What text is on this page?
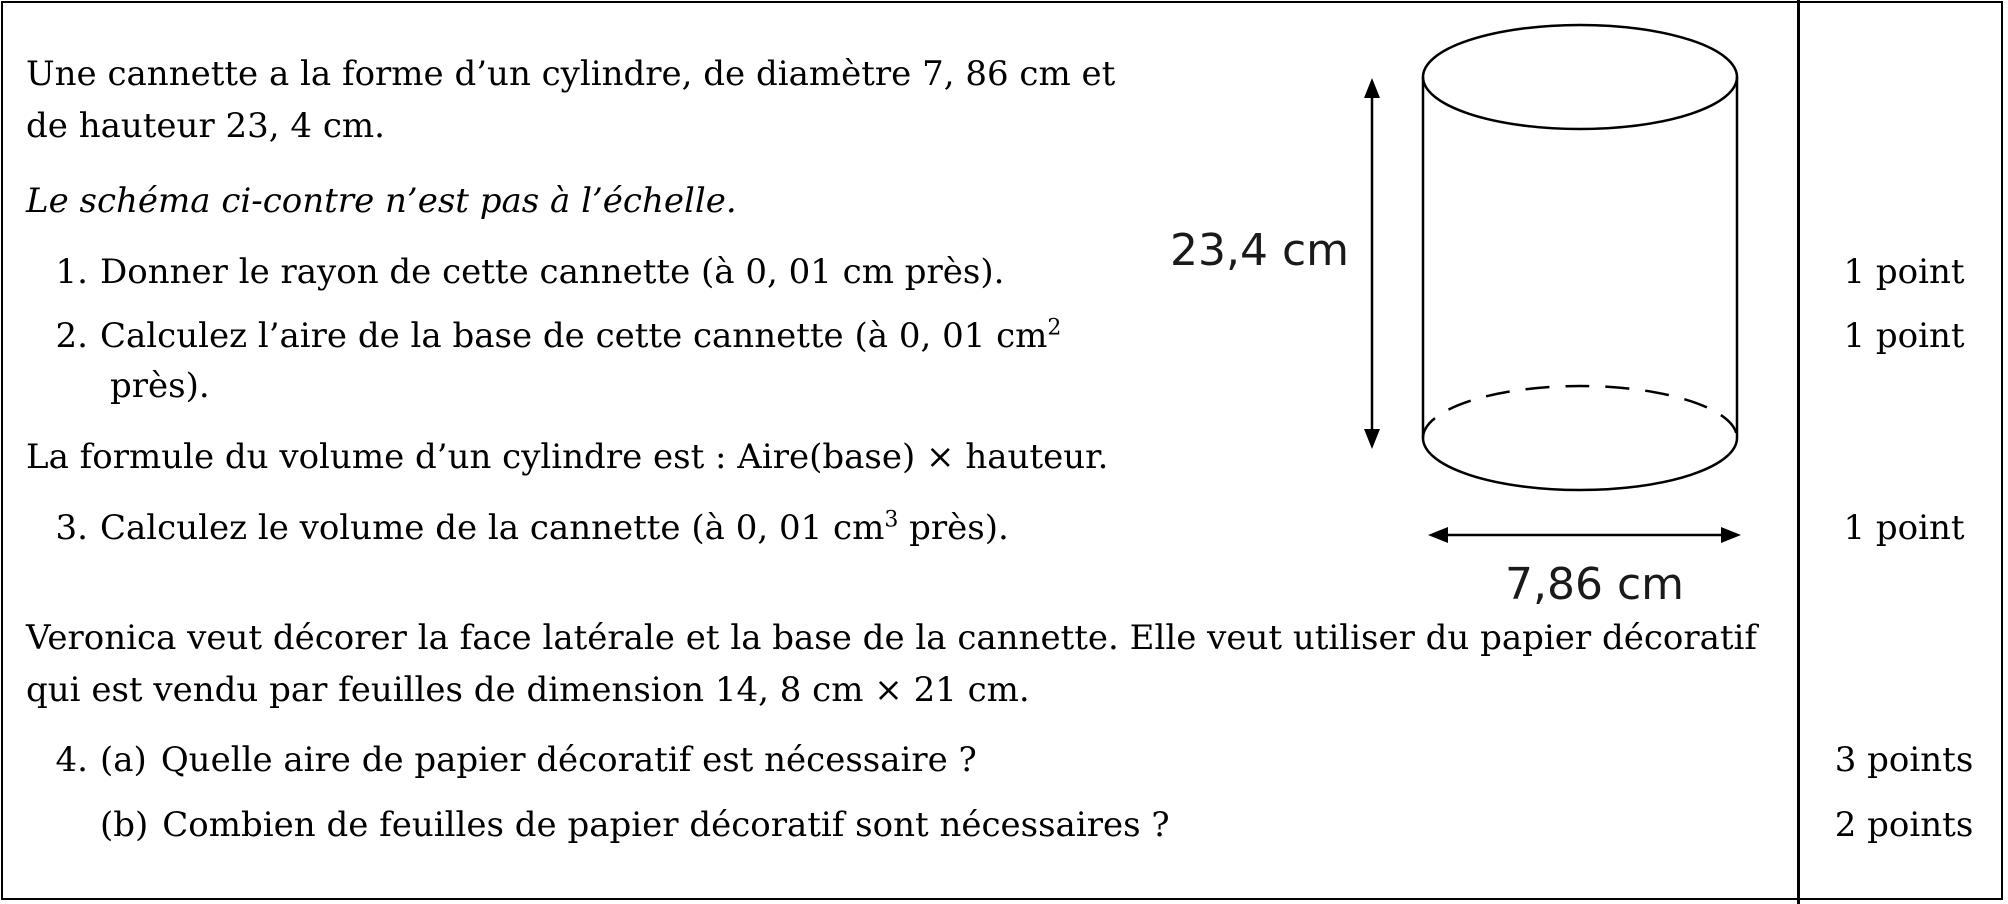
Une cannette a la forme d’un cylindre, de diamètre 7, 86 cm et
de hauteur 23, 4 cm.
Le schéma ci-contre n’est pas à l’échelle.
1. Donner le rayon de cette cannette (à 0, 01 cm près).
2. Calculez l’aire de la base de cette cannette (à 0, 01 $cm^2$
près).
La formule du volume d’un cylindre est : Aire(base) × hauteur.
3. Calculez le volume de la cannette (à 0, 01 $cm^3$ près).
Veronica veut décorer la face latérale et la base de la cannette. Elle veut utiliser du papier décoratif
qui est vendu par feuilles de dimension 14, 8 cm × 21 cm.
4. (a) Quelle aire de papier décoratif est nécessaire ?
(b) Combien de feuilles de papier décoratif sont nécessaires ?
1 point
1 point
1 point
3 points
2 points
23,4 cm
7,86 cm
